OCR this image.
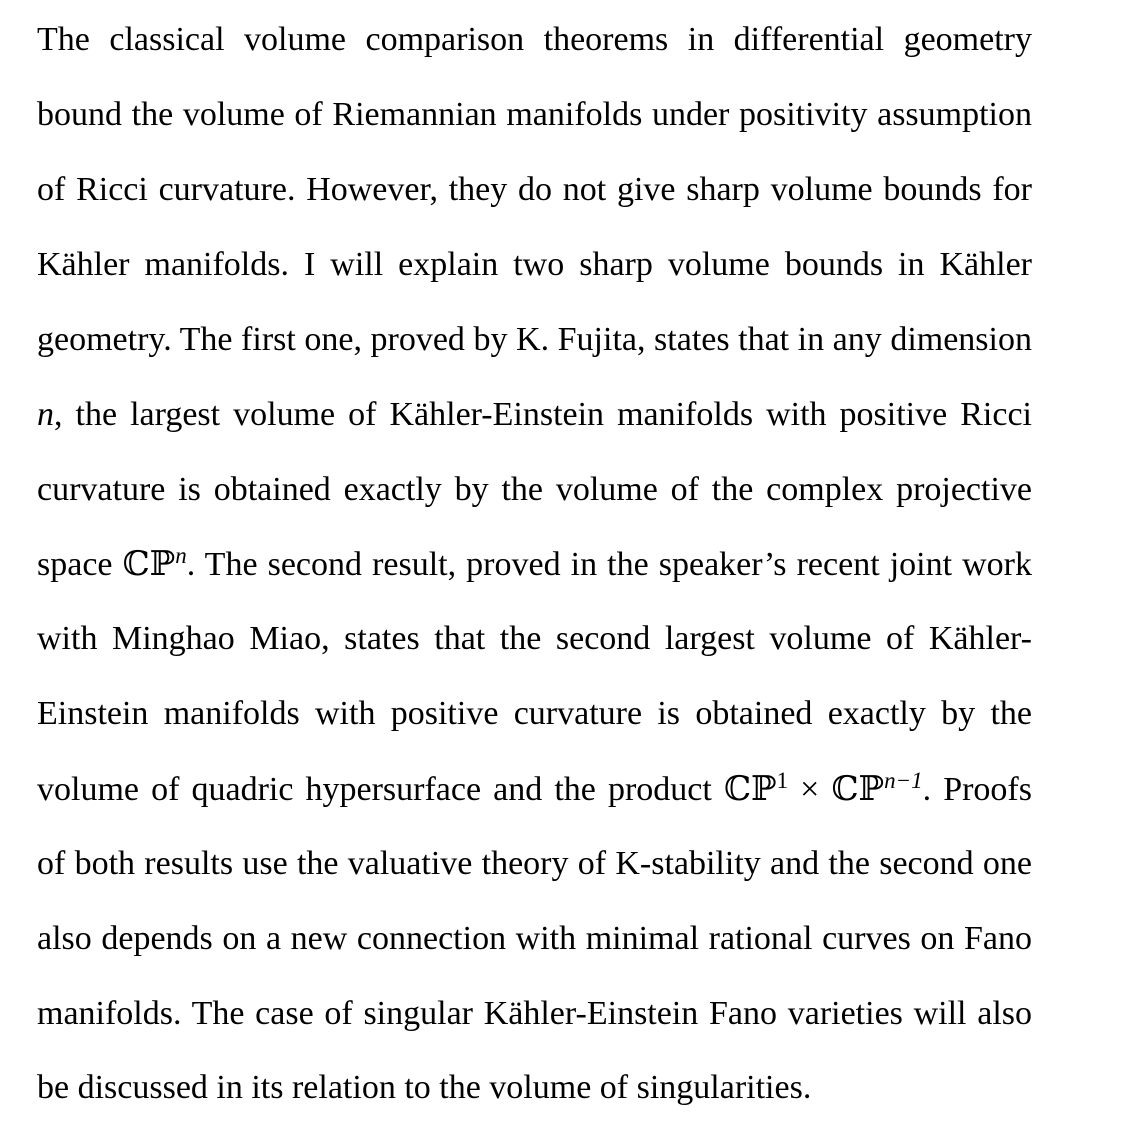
The classical volume comparison theorems in differential geometry
bound the volume of Riemannian manifolds under positivity assumption
of Ricci curvature. However, they do not give sharp volume bounds for
Kähler manifolds. I will explain two sharp volume bounds in Kähler
geometry. The first one, proved by K. Fujita, states that in any dimension
n, the largest volume of Kähler-Einstein manifolds with positive Ricci
curvature is obtained exactly by the volume of the complex projective
space ℂℙ$^n$. The second result, proved in the speaker’s recent joint work
with Minghao Miao, states that the second largest volume of Kähler-
Einstein manifolds with positive curvature is obtained exactly by the
volume of quadric hypersurface and the product ℂℙ$^1$ × ℂℙ$^{n-1}$. Proofs
of both results use the valuative theory of K-stability and the second one
also depends on a new connection with minimal rational curves on Fano
manifolds. The case of singular Kähler-Einstein Fano varieties will also
be discussed in its relation to the volume of singularities.
